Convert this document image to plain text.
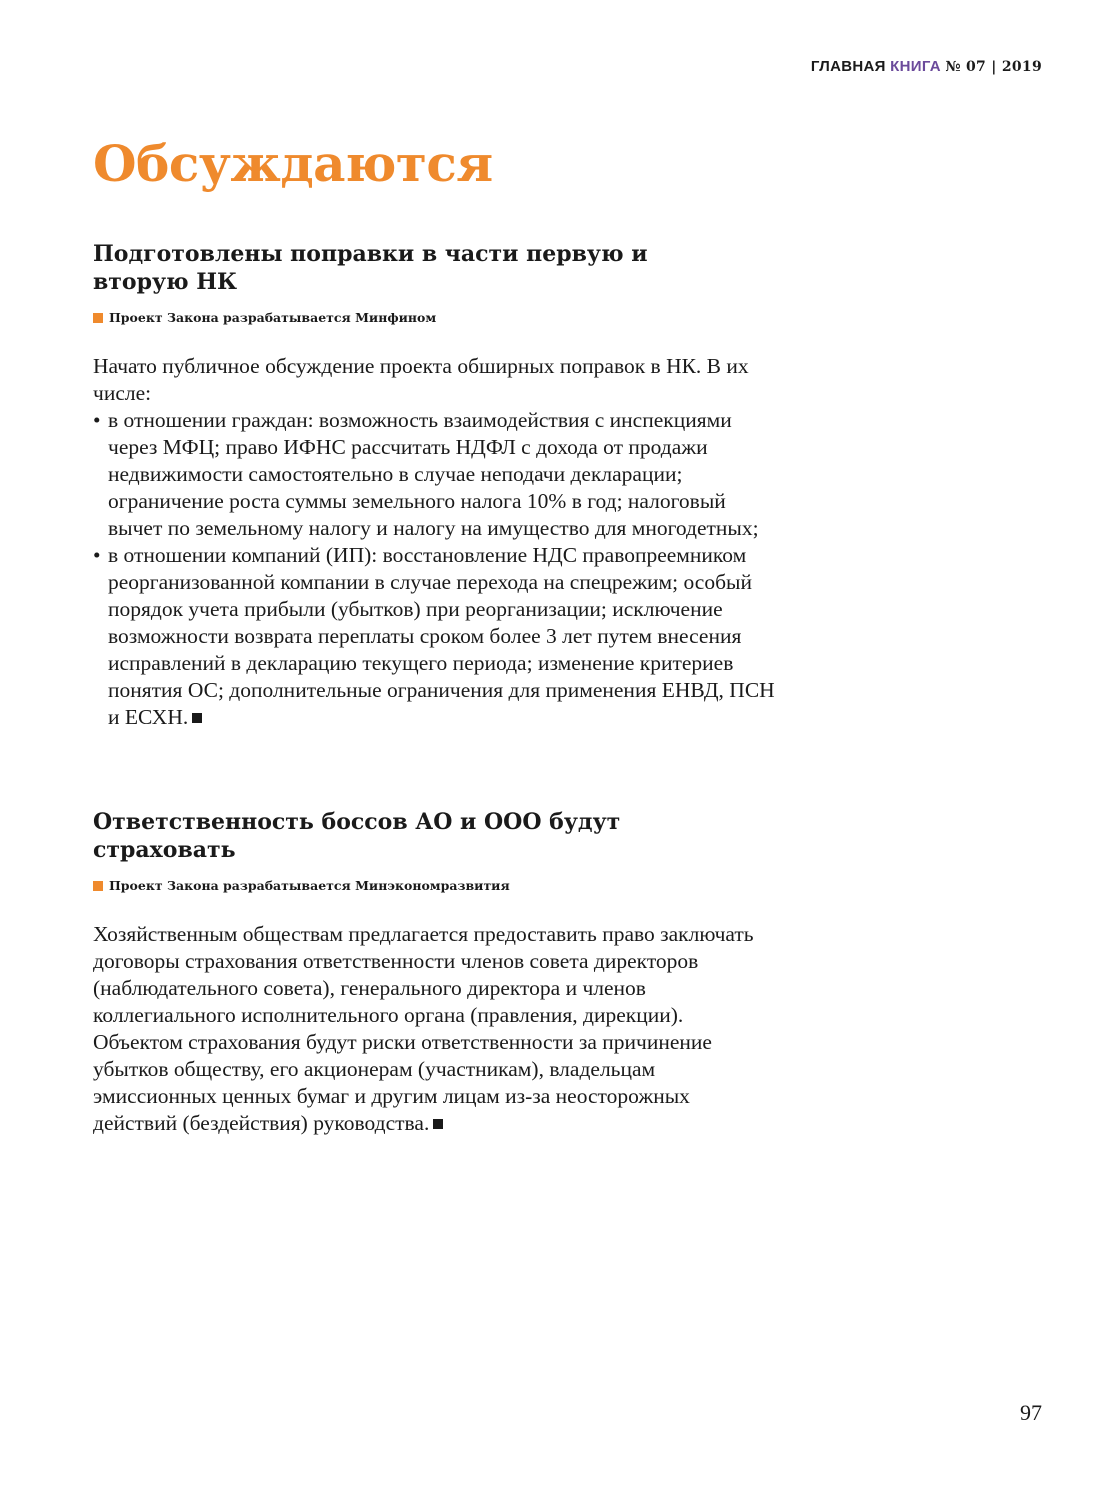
ГЛАВНАЯ КНИГА № 07 | 2019
Обсуждаются
Подготовлены поправки в части первую и вторую НК
Проект Закона разрабатывается Минфином

Начато публичное обсуждение проекта обширных поправок в НК. В их числе:

• в отношении граждан: возможность взаимодействия с инспекциями через МФЦ; право ИФНС рассчитать НДФЛ с дохода от продажи недвижимости самостоятельно в случае неподачи декларации; ограничение роста суммы земельного налога 10% в год; налоговый вычет по земельному налогу и налогу на имущество для многодетных;
• в отношении компаний (ИП): восстановление НДС правопреемником реорганизованной компании в случае перехода на спецрежим; особый порядок учета прибыли (убытков) при реорганизации; исключение возможности возврата переплаты сроком более 3 лет путем внесения исправлений в декларацию текущего периода; изменение критериев понятия ОС; дополнительные ограничения для применения ЕНВД, ПСН и ЕСХН.
Ответственность боссов АО и ООО будут страховать
Проект Закона разрабатывается Минэкономразвития

Хозяйственным обществам предлагается предоставить право заключать договоры страхования ответственности членов совета директоров (наблюдательного совета), генерального директора и членов коллегиального исполнительного органа (правления, дирекции). Объектом страхования будут риски ответственности за причинение убытков обществу, его акционерам (участникам), владельцам эмиссионных ценных бумаг и другим лицам из-за неосторожных действий (бездействия) руководства.

97
